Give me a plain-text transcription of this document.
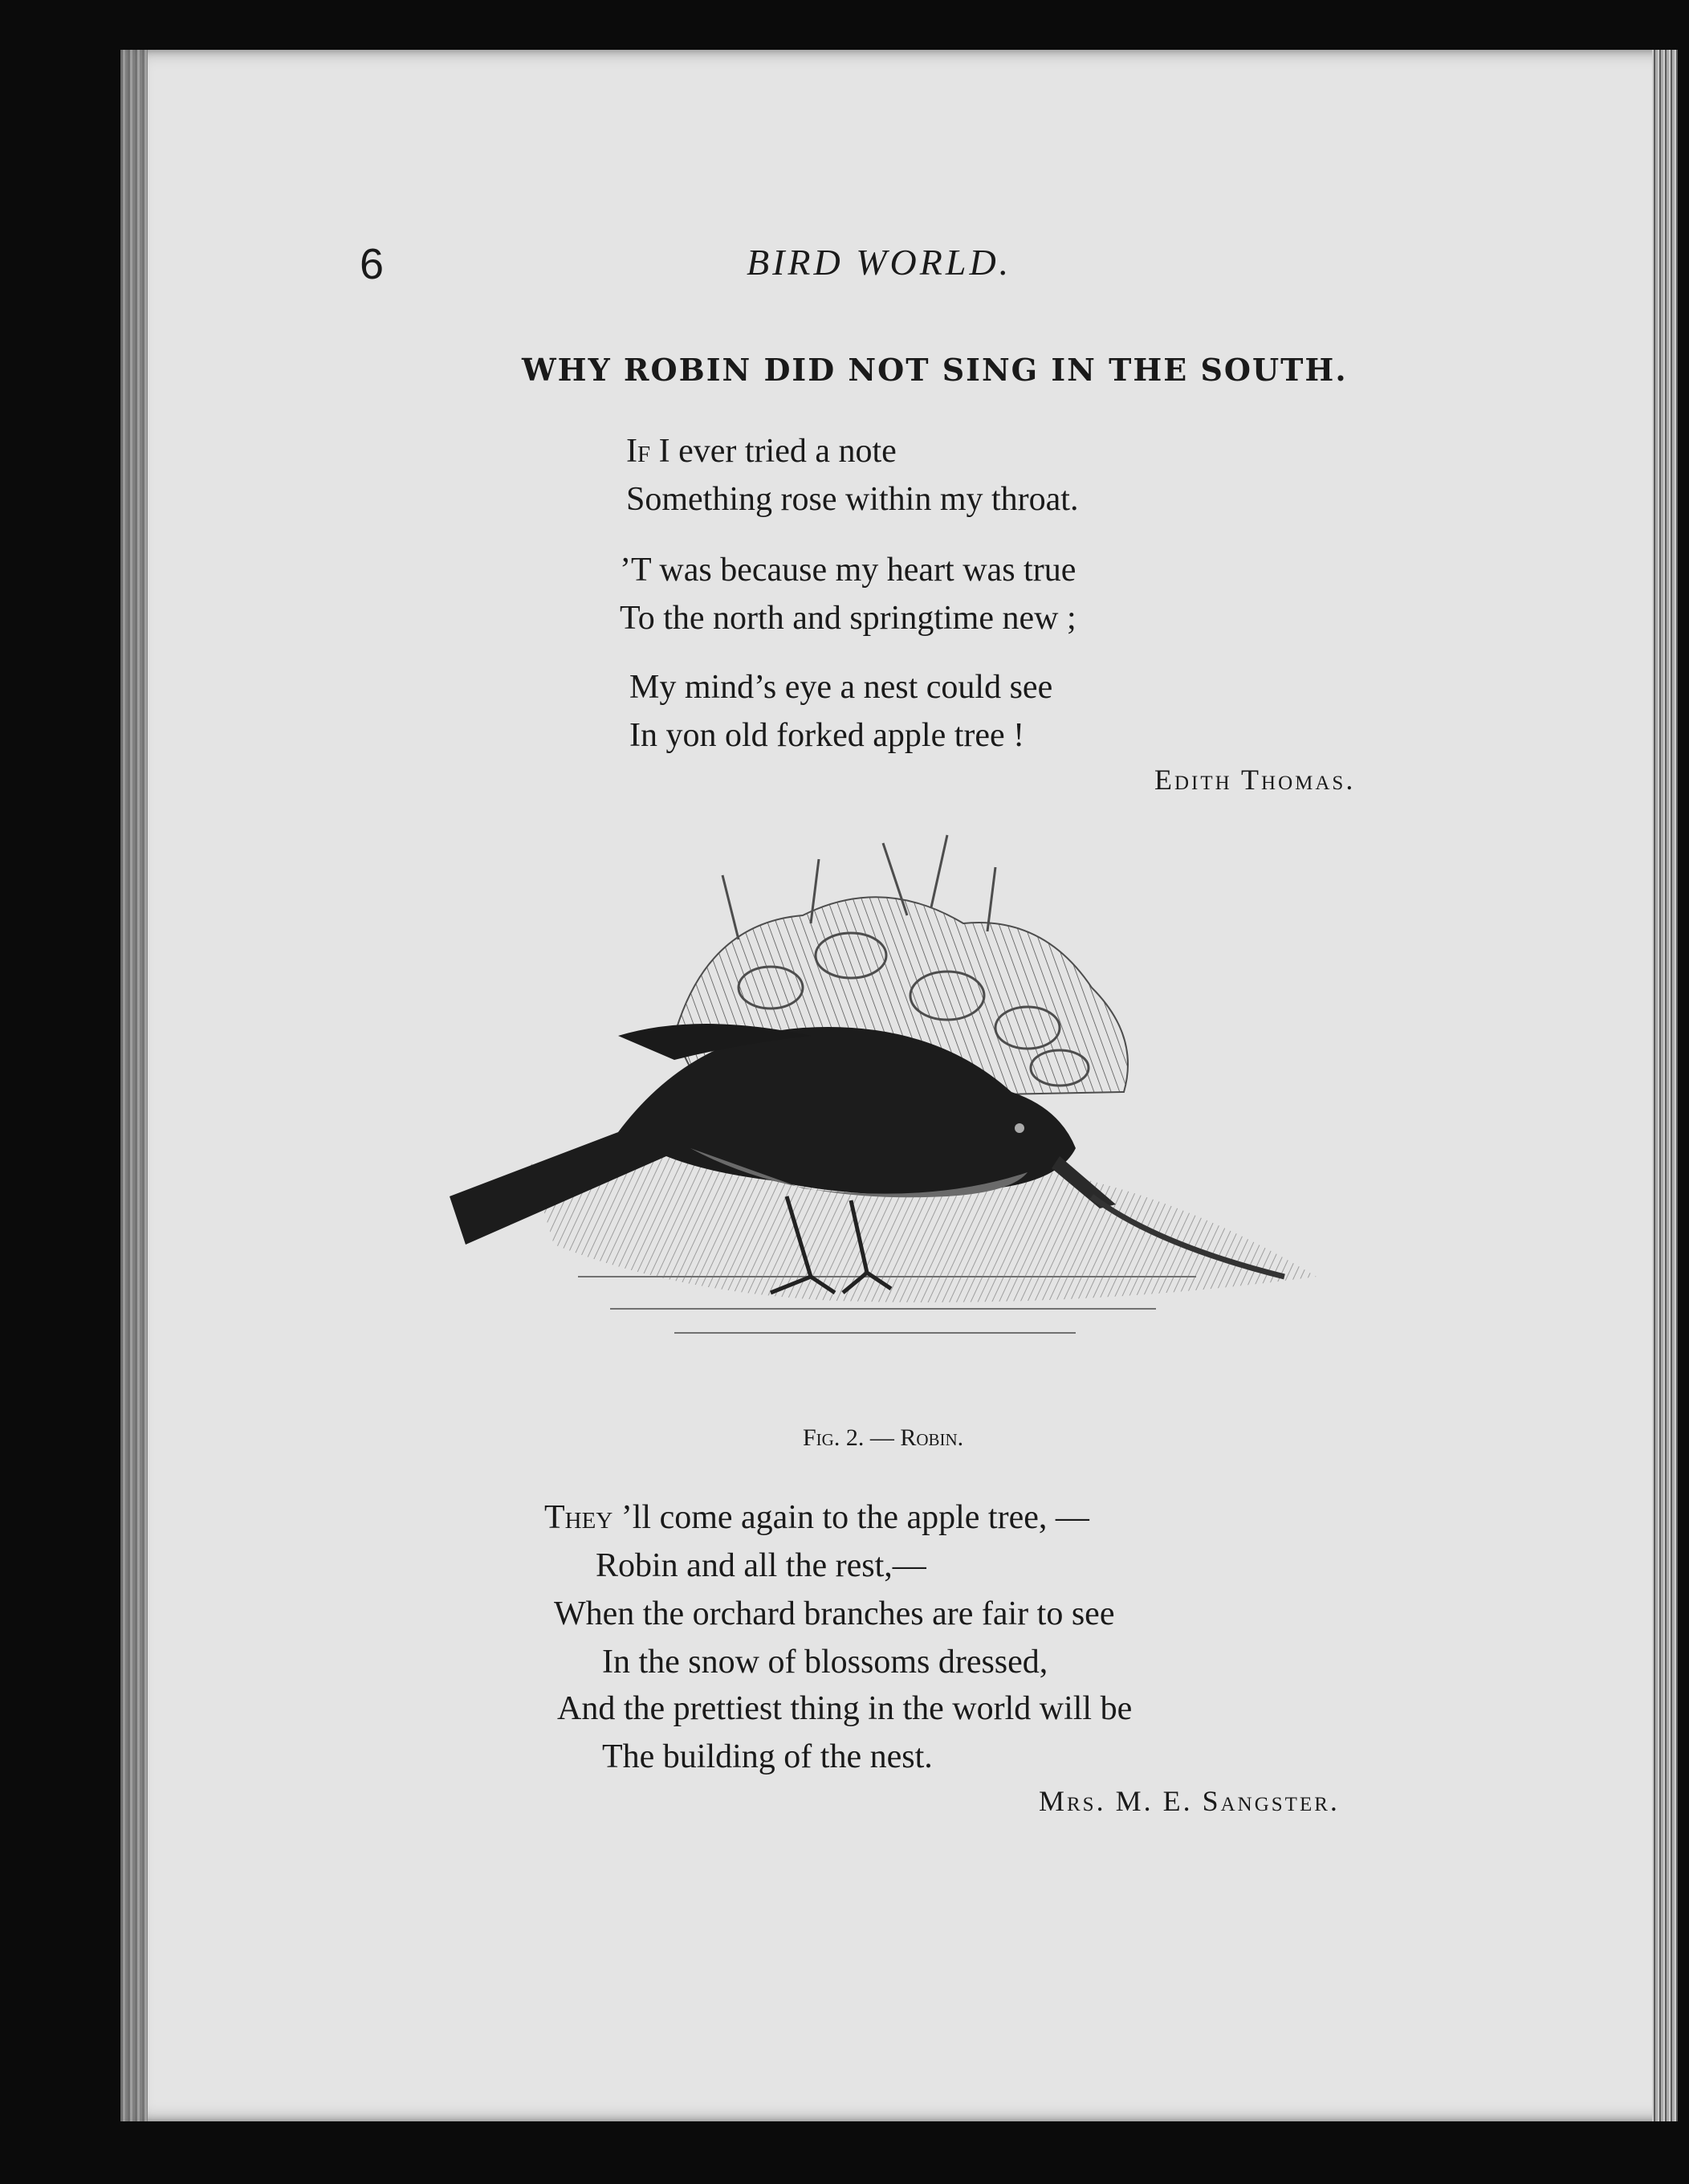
6	BIRD WORLD.
WHY ROBIN DID NOT SING IN THE SOUTH.
If I ever tried a note
Something rose within my throat.
’T was because my heart was true
To the north and springtime new ;
My mind’s eye a nest could see
In yon old forked apple tree !
Edith Thomas.
Fig. 2. — Robin.
They ’ll come again to the apple tree, —
Robin and all the rest,—
When the orchard branches are fair to see
In the snow of blossoms dressed,
And the prettiest thing in the world will be
The building of the nest.
Mrs. M. E. Sangster.
